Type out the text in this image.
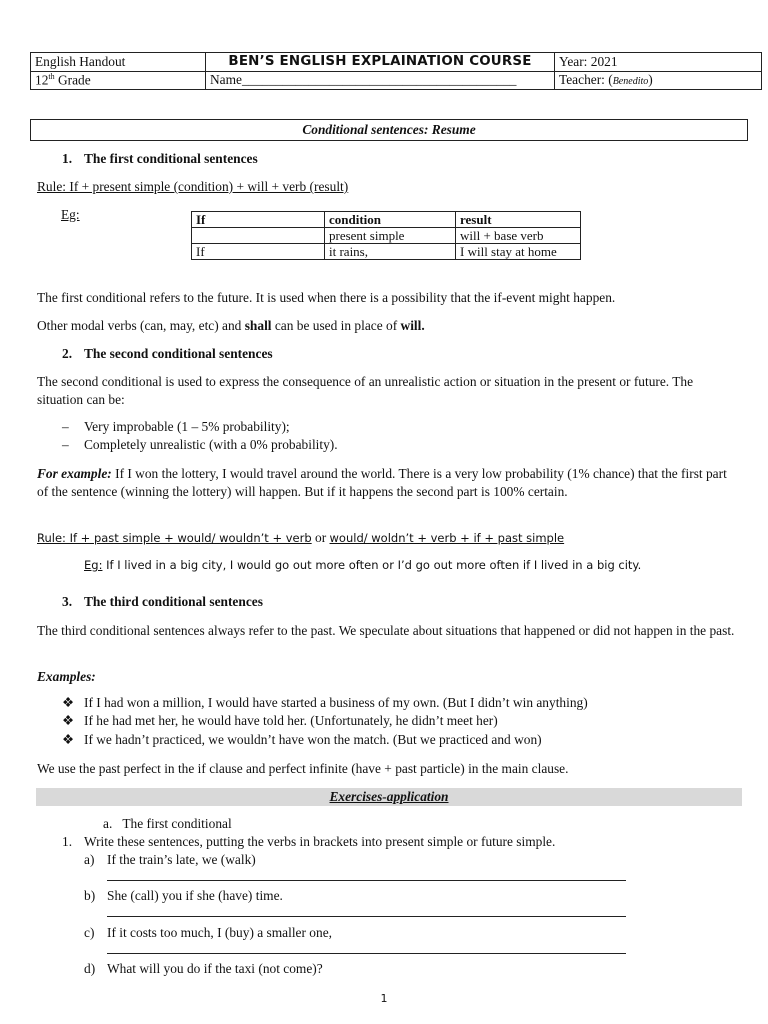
English Handout	BEN’S ENGLISH EXPLAINATION COURSE	Year: 2021
12th Grade	Name_________________________________________	Teacher: (Benedito)
Conditional sentences: Resume
1. The first conditional sentences
Rule: If + present simple (condition) + will + verb (result)
Eg:	If	condition	result
	present simple	will + base verb
If	it rains,	I will stay at home
The first conditional refers to the future. It is used when there is a possibility that the if-event might happen.
Other modal verbs (can, may, etc) and shall can be used in place of will.
2. The second conditional sentences
The second conditional is used to express the consequence of an unrealistic action or situation in the present or future. The situation can be:
– Very improbable (1 – 5% probability);
– Completely unrealistic (with a 0% probability).
For example: If I won the lottery, I would travel around the world. There is a very low probability (1% chance) that the first part of the sentence (winning the lottery) will happen. But if it happens the second part is 100% certain.
Rule: If + past simple + would/ wouldn’t + verb or would/ woldn’t + verb + if + past simple
Eg: If I lived in a big city, I would go out more often or I’d go out more often if I lived in a big city.
3. The third conditional sentences
The third conditional sentences always refer to the past. We speculate about situations that happened or did not happen in the past.
Examples:
❖ If I had won a million, I would have started a business of my own. (But I didn’t win anything)
❖ If he had met her, he would have told her. (Unfortunately, he didn’t meet her)
❖ If we hadn’t practiced, we wouldn’t have won the match. (But we practiced and won)
We use the past perfect in the if clause and perfect infinite (have + past particle) in the main clause.
Exercises-application
a. The first conditional
1. Write these sentences, putting the verbs in brackets into present simple or future simple.
a) If the train’s late, we (walk)
b) She (call) you if she (have) time.
c) If it costs too much, I (buy) a smaller one,
d) What will you do if the taxi (not come)?
1
